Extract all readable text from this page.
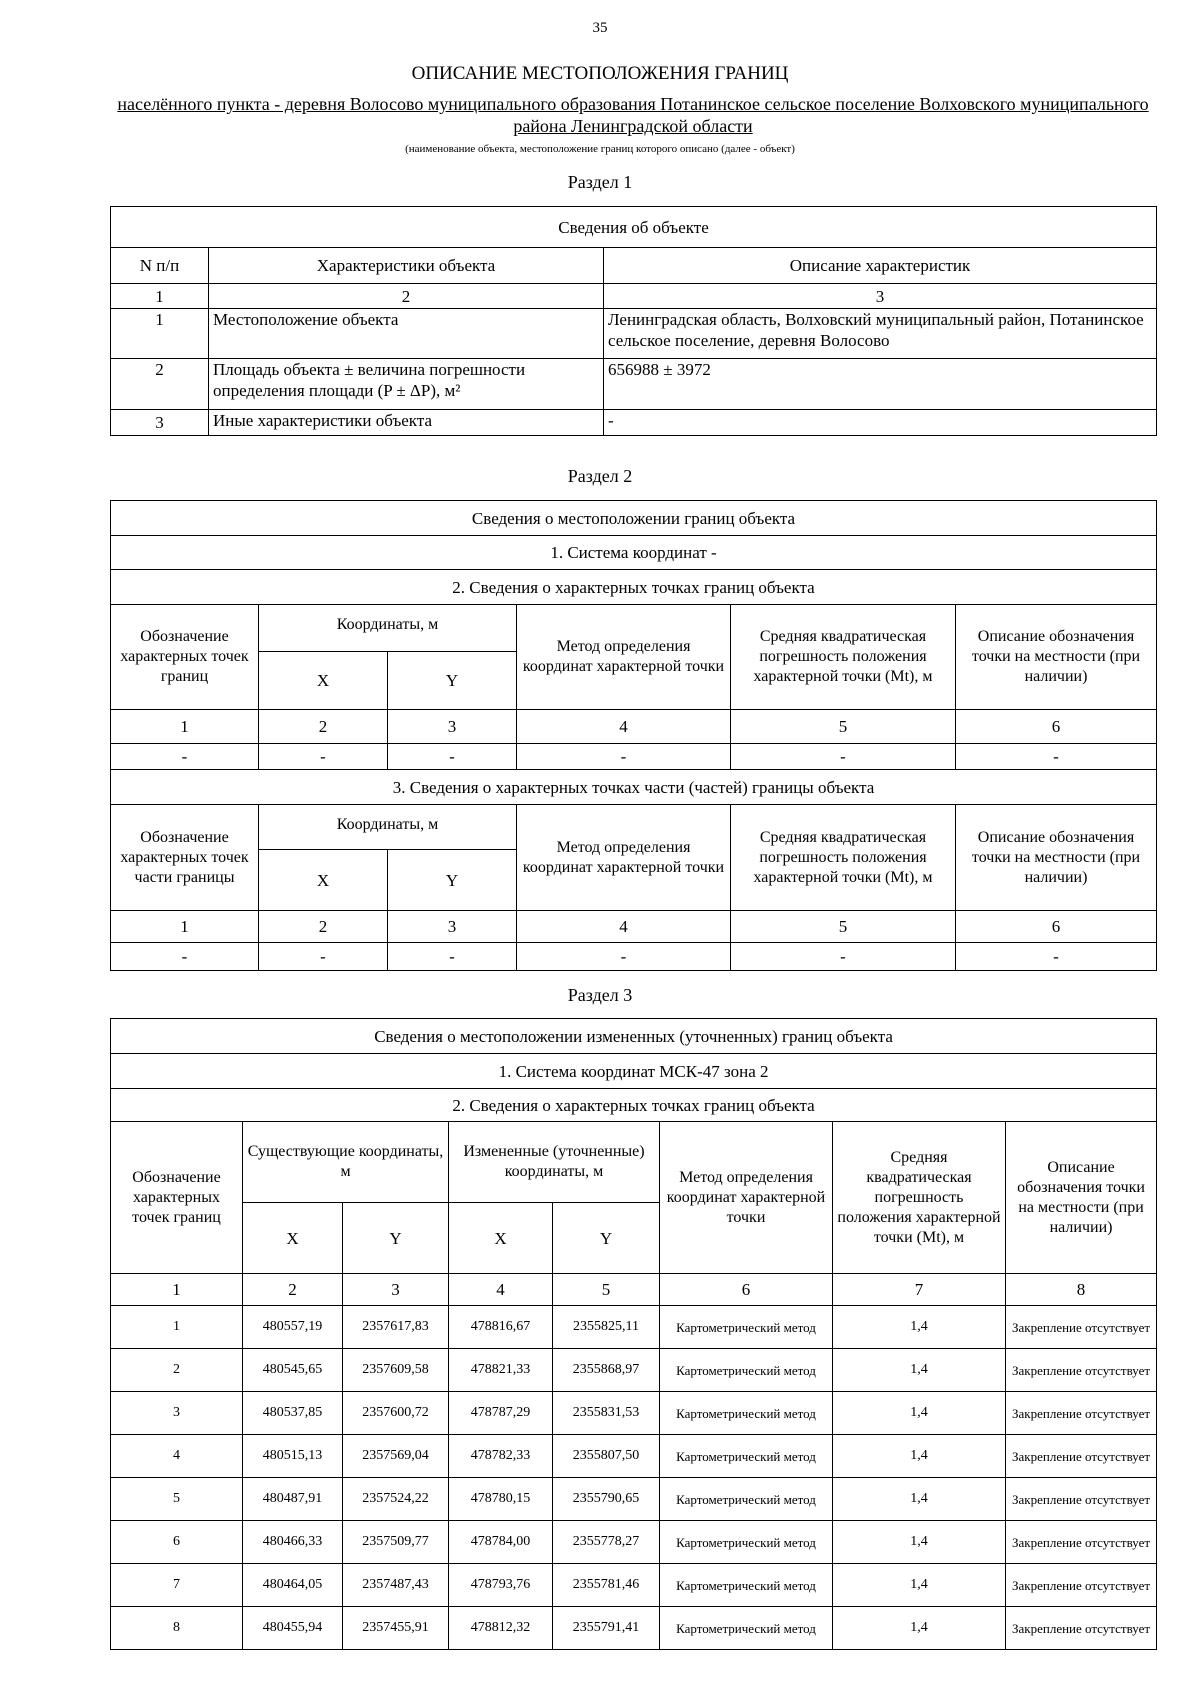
35
ОПИСАНИЕ МЕСТОПОЛОЖЕНИЯ ГРАНИЦ
населённого пункта - деревня Волосово муниципального образования Потанинское сельское поселение Волховского муниципального района Ленинградской области
(наименование объекта, местоположение границ которого описано (далее - объект)
Раздел 1
Сведения об объекте		
N п/п	Характеристики объекта	Описание характеристик
1	2	3
1	Местоположение объекта	Ленинградская область, Волховский муниципальный район, Потанинское сельское поселение, деревня Волосово
2	Площадь объекта ± величина погрешности определения площади (P ± ΔP), м²	656988 ± 3972
3	Иные характеристики объекта	-
Раздел 2
Сведения о местоположении границ объекта					
1. Система координат -					
2. Сведения о характерных точках границ объекта					
Обозначение характерных точек границ	Координаты, м		Метод определения координат характерной точки	Средняя квадратическая погрешность положения характерной точки (Mt), м	Описание обозначения точки на местности (при наличии)
	X	Y			
1	2	3	4	5	6
-	-	-	-	-	-
3. Сведения о характерных точках части (частей) границы объекта					
Обозначение характерных точек части границы	Координаты, м		Метод определения координат характерной точки	Средняя квадратическая погрешность положения характерной точки (Mt), м	Описание обозначения точки на местности (при наличии)
	X	Y			
1	2	3	4	5	6
-	-	-	-	-	-
Раздел 3
Сведения о местоположении измененных (уточненных) границ объекта							
1. Система координат МСК-47 зона 2							
2. Сведения о характерных точках границ объекта							
Обозначение характерных точек границ	Существующие координаты, м		Измененные (уточненные) координаты, м		Метод определения координат характерной точки	Средняя квадратическая погрешность положения характерной точки (Mt), м	Описание обозначения точки на местности (при наличии)
	X	Y	X	Y			
1	2	3	4	5	6	7	8
1	480557,19	2357617,83	478816,67	2355825,11	Картометрический метод	1,4	Закрепление отсутствует
2	480545,65	2357609,58	478821,33	2355868,97	Картометрический метод	1,4	Закрепление отсутствует
3	480537,85	2357600,72	478787,29	2355831,53	Картометрический метод	1,4	Закрепление отсутствует
4	480515,13	2357569,04	478782,33	2355807,50	Картометрический метод	1,4	Закрепление отсутствует
5	480487,91	2357524,22	478780,15	2355790,65	Картометрический метод	1,4	Закрепление отсутствует
6	480466,33	2357509,77	478784,00	2355778,27	Картометрический метод	1,4	Закрепление отсутствует
7	480464,05	2357487,43	478793,76	2355781,46	Картометрический метод	1,4	Закрепление отсутствует
8	480455,94	2357455,91	478812,32	2355791,41	Картометрический метод	1,4	Закрепление отсутствует
